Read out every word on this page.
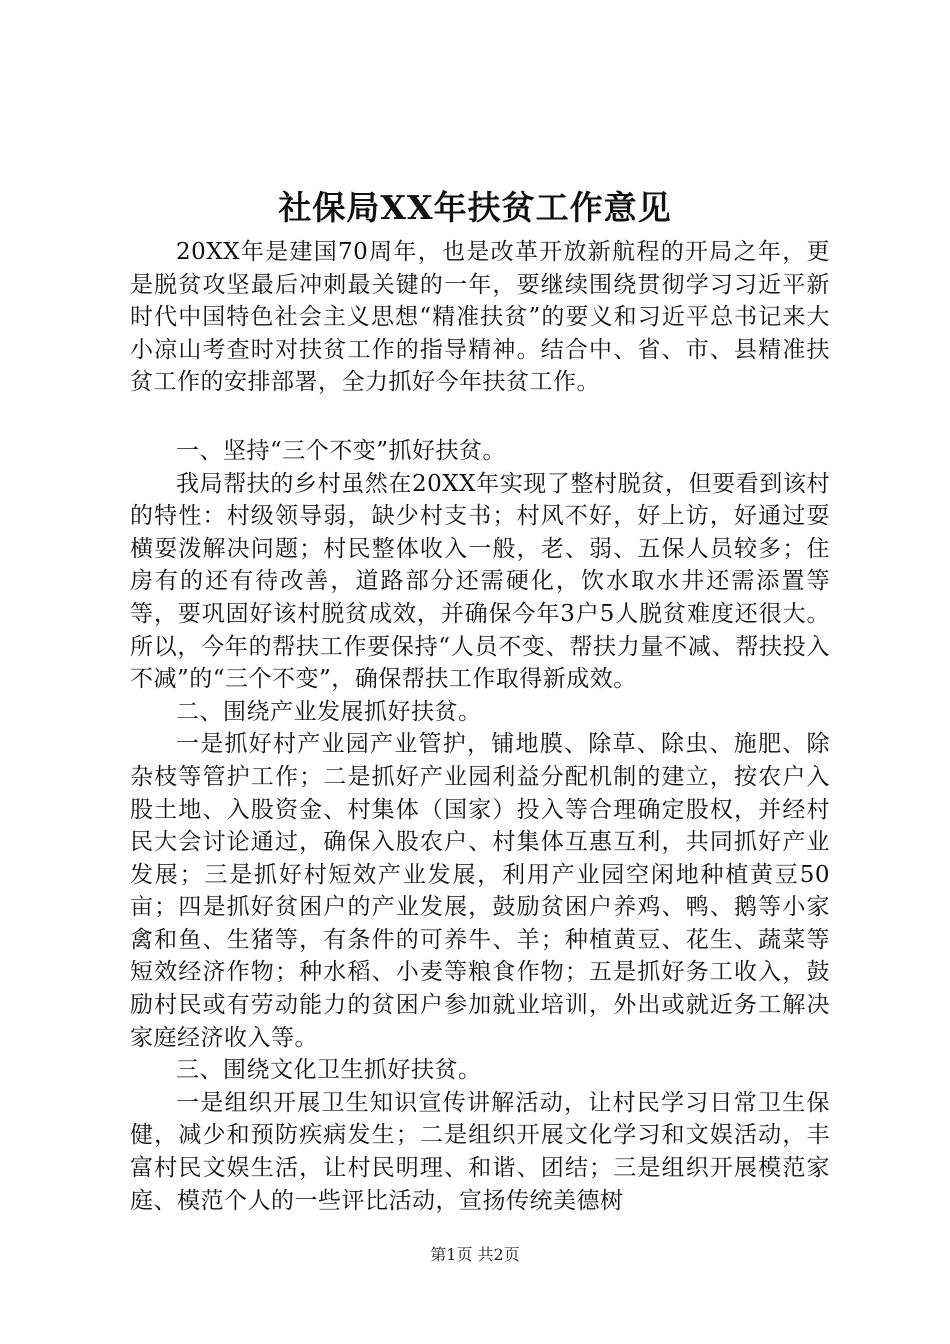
社保局XX年扶贫工作意见

20XX年是建国70周年，也是改革开放新航程的开局之年，更是脱贫攻坚最后冲刺最关键的一年，要继续围绕贯彻学习习近平新时代中国特色社会主义思想“精准扶贫”的要义和习近平总书记来大小凉山考查时对扶贫工作的指导精神。结合中、省、市、县精准扶贫工作的安排部署，全力抓好今年扶贫工作。

一、坚持“三个不变”抓好扶贫。

我局帮扶的乡村虽然在20XX年实现了整村脱贫，但要看到该村的特性：村级领导弱，缺少村支书；村风不好，好上访，好通过耍横耍泼解决问题；村民整体收入一般，老、弱、五保人员较多；住房有的还有待改善，道路部分还需硬化，饮水取水井还需添置等等，要巩固好该村脱贫成效，并确保今年3户5人脱贫难度还很大。所以，今年的帮扶工作要保持“人员不变、帮扶力量不减、帮扶投入不减”的“三个不变”，确保帮扶工作取得新成效。

二、围绕产业发展抓好扶贫。

一是抓好村产业园产业管护，铺地膜、除草、除虫、施肥、除杂枝等管护工作；二是抓好产业园利益分配机制的建立，按农户入股土地、入股资金、村集体（国家）投入等合理确定股权，并经村民大会讨论通过，确保入股农户、村集体互惠互利，共同抓好产业发展；三是抓好村短效产业发展，利用产业园空闲地种植黄豆50亩；四是抓好贫困户的产业发展，鼓励贫困户养鸡、鸭、鹅等小家禽和鱼、生猪等，有条件的可养牛、羊；种植黄豆、花生、蔬菜等短效经济作物；种水稻、小麦等粮食作物；五是抓好务工收入，鼓励村民或有劳动能力的贫困户参加就业培训，外出或就近务工解决家庭经济收入等。

三、围绕文化卫生抓好扶贫。

一是组织开展卫生知识宣传讲解活动，让村民学习日常卫生保健，减少和预防疾病发生；二是组织开展文化学习和文娱活动，丰富村民文娱生活，让村民明理、和谐、团结；三是组织开展模范家庭、模范个人的一些评比活动，宣扬传统美德树

第1页 共2页
